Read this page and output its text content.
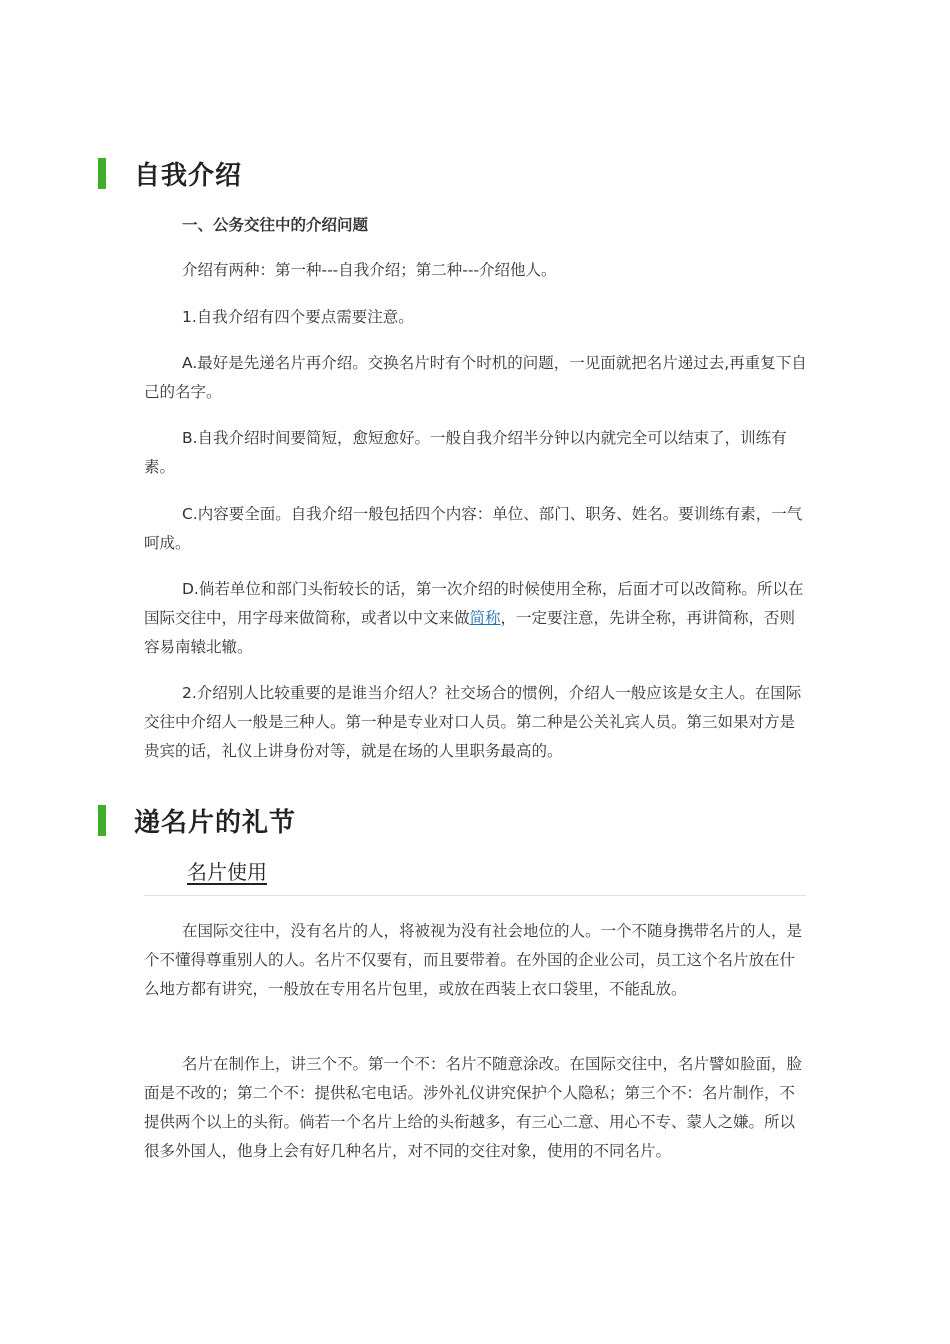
自我介绍

一、公务交往中的介绍问题

介绍有两种：第一种---自我介绍；第二种---介绍他人。

1.自我介绍有四个要点需要注意。

A.最好是先递名片再介绍。交换名片时有个时机的问题，一见面就把名片递过去,再重复下自己的名字。

B.自我介绍时间要简短，愈短愈好。一般自我介绍半分钟以内就完全可以结束了，训练有素。

C.内容要全面。自我介绍一般包括四个内容：单位、部门、职务、姓名。要训练有素，一气呵成。

D.倘若单位和部门头衔较长的话，第一次介绍的时候使用全称，后面才可以改简称。所以在国际交往中，用字母来做简称，或者以中文来做简称，一定要注意，先讲全称，再讲简称，否则容易南辕北辙。

2.介绍别人比较重要的是谁当介绍人？社交场合的惯例，介绍人一般应该是女主人。在国际交往中介绍人一般是三种人。第一种是专业对口人员。第二种是公关礼宾人员。第三如果对方是贵宾的话，礼仪上讲身份对等，就是在场的人里职务最高的。

递名片的礼节
名片使用

在国际交往中，没有名片的人，将被视为没有社会地位的人。一个不随身携带名片的人，是个不懂得尊重别人的人。名片不仅要有，而且要带着。在外国的企业公司，员工这个名片放在什么地方都有讲究，一般放在专用名片包里，或放在西装上衣口袋里，不能乱放。

名片在制作上，讲三个不。第一个不：名片不随意涂改。在国际交往中，名片譬如脸面，脸面是不改的；第二个不：提供私宅电话。涉外礼仪讲究保护个人隐私；第三个不：名片制作，不提供两个以上的头衔。倘若一个名片上给的头衔越多，有三心二意、用心不专、蒙人之嫌。所以很多外国人，他身上会有好几种名片，对不同的交往对象，使用的不同名片。
